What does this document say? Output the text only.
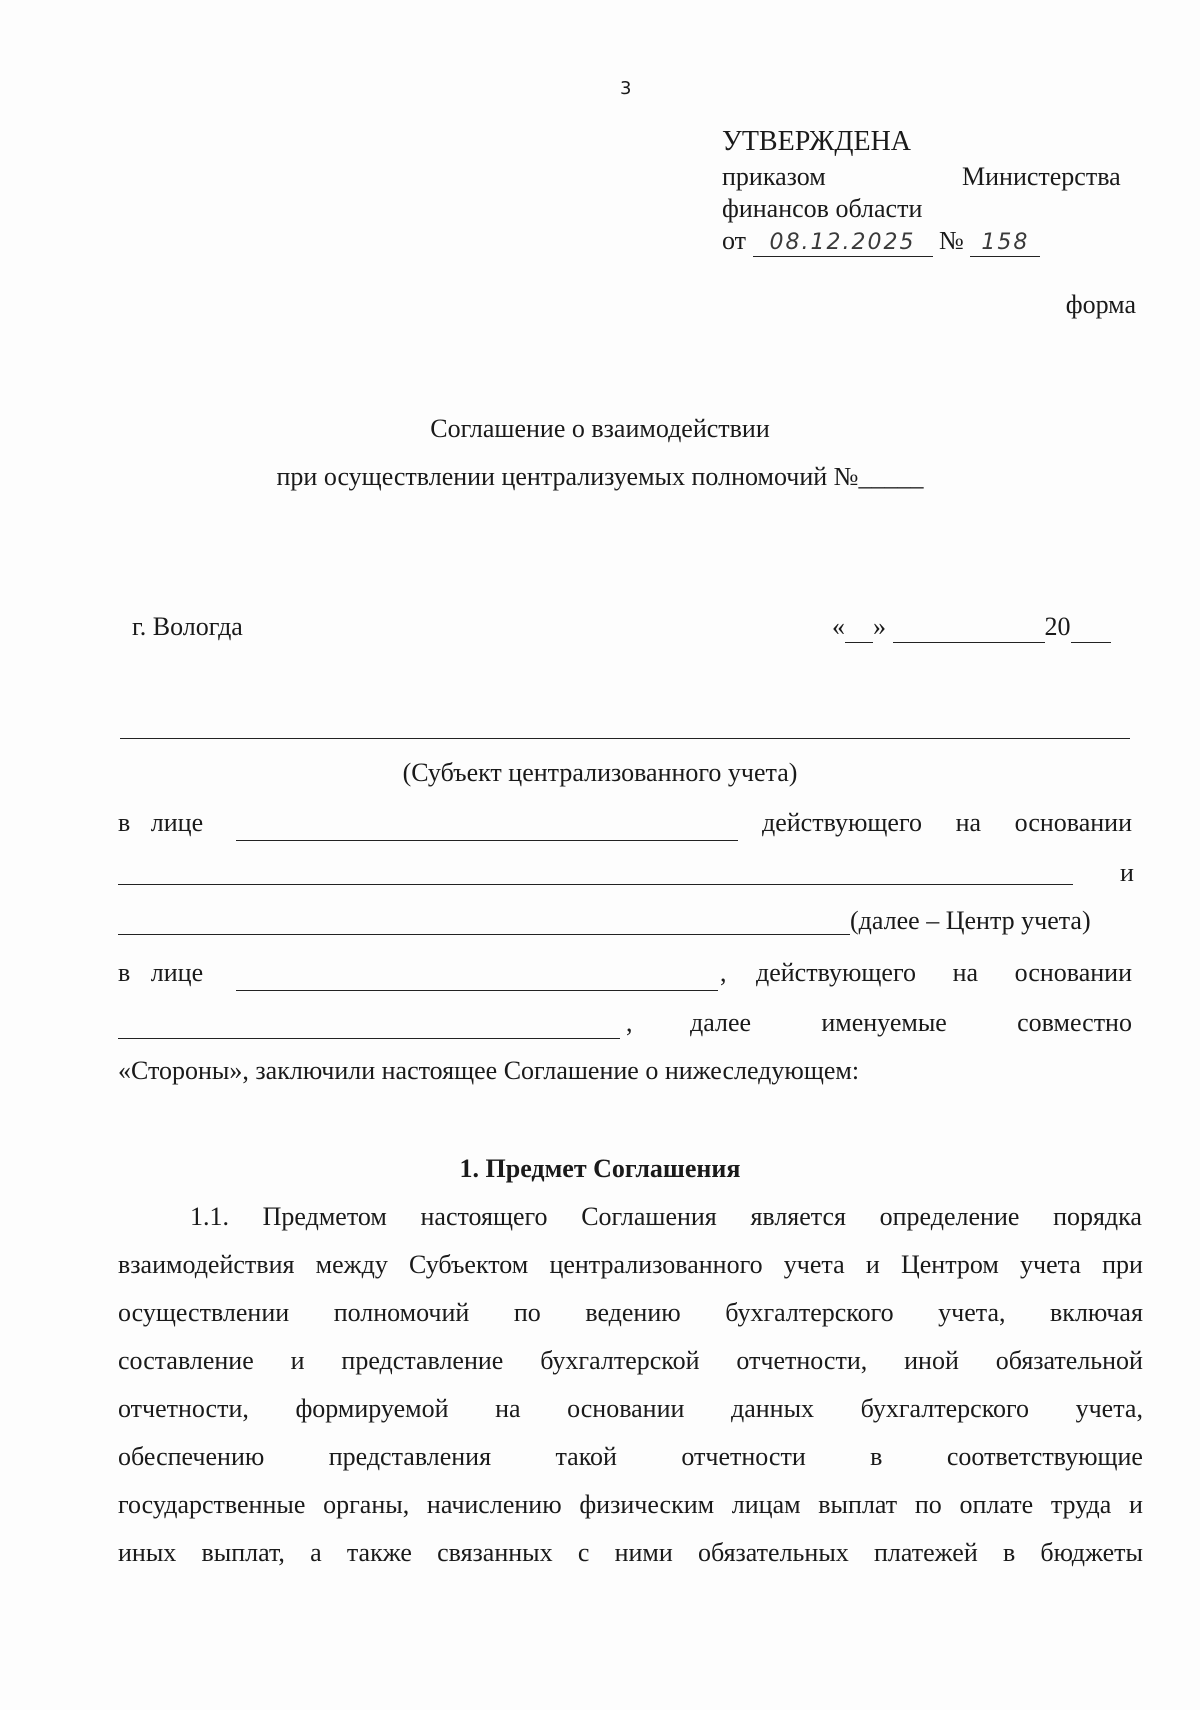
3
УТВЕРЖДЕНА
приказом	Министерства
финансов области
от 08.12.2025 № 158
форма
Соглашение о взаимодействии
при осуществлении централизуемых полномочий №_____
г. Вологда	« »	20
(Субъект централизованного учета)
в лице	действующего на основании
и
(далее – Центр учета)
в лице	, действующего на основании
, далее	именуемые	совместно
«Стороны», заключили настоящее Соглашение о нижеследующем:
1. Предмет Соглашения
1.1. Предметом настоящего Соглашения является определение порядка
взаимодействия между Субъектом централизованного учета и Центром учета при
осуществлении полномочий по ведению бухгалтерского учета, включая
составление и представление бухгалтерской отчетности, иной обязательной
отчетности, формируемой на основании данных бухгалтерского учета,
обеспечению представления такой отчетности в соответствующие
государственные органы, начислению физическим лицам выплат по оплате труда и
иных выплат, а также связанных с ними обязательных платежей в бюджеты
